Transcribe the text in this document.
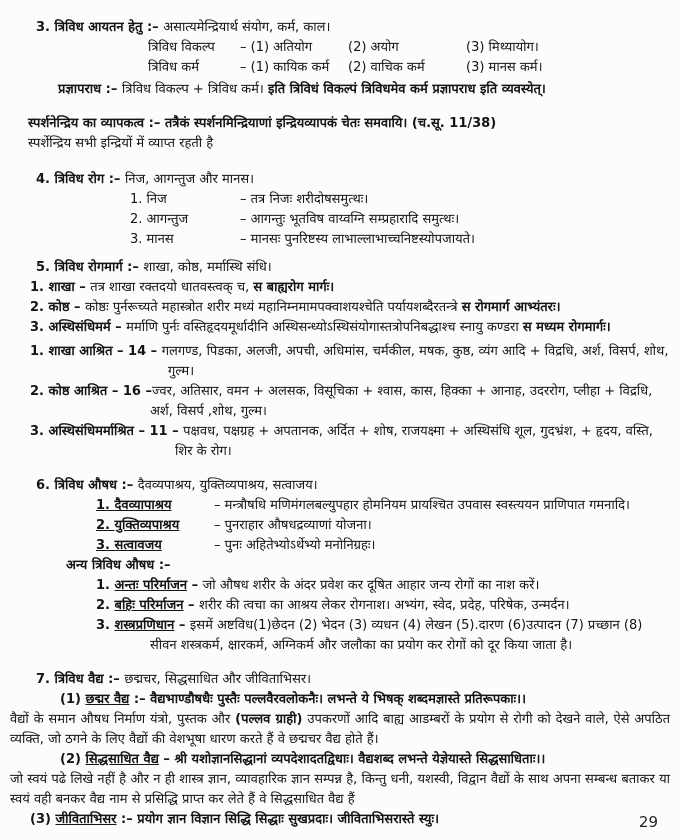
3. त्रिविध आयतन हेतु :– असात्यमेन्द्रियार्थ संयोग, कर्म, काल।
त्रिविध विकल्प – (1) अतियोग	(2) अयोग	(3) मिथ्यायोग।
त्रिविध कर्म	– (1) कायिक कर्म (2) वाचिक कर्म	(3) मानस कर्म।
प्रज्ञापराध :– त्रिविध विकल्प + त्रिविध कर्म। इति त्रिविधं विकल्पं त्रिविधमेव कर्म प्रज्ञापराध इति व्यवस्येत्।
स्पर्शनेन्द्रिय का व्यापकत्व :– तत्रैकं स्पर्शनमिन्द्रियाणां इन्द्रियव्यापकं चेतः समवायि। (च.सू. 11/38)
स्पर्शेन्द्रिय सभी इन्द्रियों में व्याप्त रहती है
4. त्रिविध रोग :– निज, आगन्तुज और मानस।
1. निज	– तत्र निजः शरीदोषसमुत्थः।
2. आगन्तुज	– आगन्तुः भूतविष वाय्वग्नि सम्प्रहारादि समुत्थः।
3. मानस	– मानसः पुनरिष्टस्य लाभाल्लाभाच्चनिष्टस्योपजायते।
5. त्रिविध रोगमार्ग :– शाखा, कोष्ठ, मर्मास्थि संधि।
1. शाखा – तत्र शाखा रक्तदयो धातवस्त्वक् च, स बाह्यरोग मार्गः।
2. कोष्ठ – कोष्ठः पुर्नरूच्यते महास्त्रोत शरीर मध्यं महानिम्नमामपक्वाशयश्चेति पर्यायशब्दैरतन्त्रे स रोगमार्ग आभ्यंतरः।
3. अस्थिसंधिमर्म – मर्माणि पुर्नः वस्तिहृदयमूर्धादीनि अस्थिसन्ध्योऽस्थिसंयोगास्तत्रोपनिबद्धाश्च स्नायु कण्डरा स मध्यम रोगमार्गः।
1. शाखा आश्रित – 14 – गलगण्ड, पिडका, अलजी, अपची, अधिमांस, चर्मकील, मषक, कुष्ठ, व्यंग आदि + विद्रधि, अर्श, विसर्प, शोथ, गुल्म।
2. कोष्ठ आश्रित – 16 –ज्वर, अतिसार, वमन + अलसक, विसूचिका + श्वास, कास, हिक्का + आनाह, उदररोग, प्लीहा + विद्रधि, अर्श, विसर्प ,शोथ, गुल्म।
3. अस्थिसंधिमर्माश्रित – 11 – पक्षवध, पक्षग्रह + अपतानक, अर्दित + शोष, राजयक्ष्मा + अस्थिसंधि शूल, गुदभ्रंश, + हृदय, वस्ति, शिर के रोग।
6. त्रिविध औषध :– दैवव्यपाश्रय, युक्तिव्यपाश्रय, सत्वाजय।
1. दैवव्यापाश्रय	– मन्त्रौषधि मणिमंगलबल्युपहार होमनियम प्रायश्चित उपवास स्वस्त्ययन प्राणिपात गमनादि।
2. युक्तिव्यपाश्रय	– पुनराहार औषधद्रव्याणां योजना।
3. सत्वावजय	– पुनः अहितेभ्योऽर्थेभ्यो मनोनिग्रहः।
अन्य त्रिविध औषध :–
1. अन्तः परिर्माजन – जो औषध शरीर के अंदर प्रवेश कर दूषित आहार जन्य रोगों का नाश करें।
2. बहिः परिर्माजन – शरीर की त्वचा का आश्रय लेकर रोगनाश। अभ्यंग, स्वेद, प्रदेह, परिषेक, उन्मर्दन।
3. शस्त्रप्रणिधान – इसमें अष्टविध(1)छेदन (2) भेदन (3) व्यधन (4) लेखन (5).दारण (6)उत्पादन (7) प्रच्छान (8) सीवन शस्त्रकर्म, क्षारकर्म, अग्निकर्म और जलौका का प्रयोग कर रोगों को दूर किया जाता है।
7. त्रिविध वैद्य :– छद्मचर, सिद्धसाधित और जीविताभिसर।
(1) छद्मर वैद्य :– वैद्यभाण्डौषधैः पुस्तैः पल्लवैरवलोकनैः। लभन्ते ये भिषक् शब्दमज्ञास्ते प्रतिरूपकाः।।
वैद्यों के समान औषध निर्माण यंत्रो, पुस्तक और (पल्लव ग्राही) उपकरणों आदि बाह्य आडम्बरों के प्रयोग से रोगी को देखने वाले, ऐसे अपठित व्यक्ति, जो ठगने के लिए वैद्यों की वेशभूषा धारण करते हैं वे छद्मचर वैद्य होते हैं।
(2) सिद्धसाधित वैद्य – श्री यशोज्ञानसिद्धानां व्यपदेशादतद्विधाः। वैद्यशब्द लभन्ते येज्ञेयास्ते सिद्धसाधिताः।।
जो स्वयं पढे लिखे नहीं है और न ही शास्त्र ज्ञान, व्यावहारिक ज्ञान सम्पन्न है, किन्तु धनी, यशस्वी, विद्वान वैद्यों के साथ अपना सम्बन्ध बताकर या स्वयं वही बनकर वैद्य नाम से प्रसिद्धि प्राप्त कर लेते हैं वे सिद्धसाधित वैद्य हैं
(3) जीविताभिसर :– प्रयोग ज्ञान विज्ञान सिद्धि सिद्धाः सुखप्रदाः। जीविताभिसरास्ते स्युः।	29
